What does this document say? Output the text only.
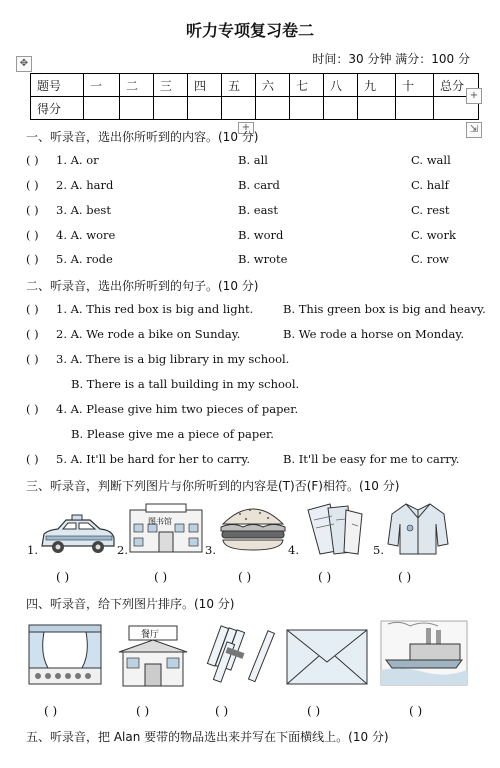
听力专项复习卷二
✥	时间：30 分钟 满分：100 分
题号	一	二	三	四	五	六	七	八	九	十	总分
得分											
+
+	⇲
一、听录音，选出你所听到的内容。(10 分)
( ) 1. A. or	B. all	C. wall
( ) 2. A. hard	B. card	C. half
( ) 3. A. best	B. east	C. rest
( ) 4. A. wore	B. word	C. work
( ) 5. A. rode	B. wrote	C. row
二、听录音，选出你所听到的句子。(10 分)
( ) 1. A. This red box is big and light.	B. This green box is big and heavy.
( ) 2. A. We rode a bike on Sunday.	B. We rode a horse on Monday.
( ) 3. A. There is a big library in my school.
B. There is a tall building in my school.
( ) 4. A. Please give him two pieces of paper.
B. Please give me a piece of paper.
( ) 5. A. It'll be hard for her to carry.	B. It'll be easy for me to carry.
三、听录音，判断下列图片与你所听到的内容是(T)否(F)相符。(10 分)
1.	2.
图书馆
3.	4.	5.
( )	( )	( )	( )	( )
四、听录音，给下列图片排序。(10 分)
餐厅
( )	( )	( )	( )	( )
五、听录音，把 Alan 要带的物品选出来并写在下面横线上。(10 分)
